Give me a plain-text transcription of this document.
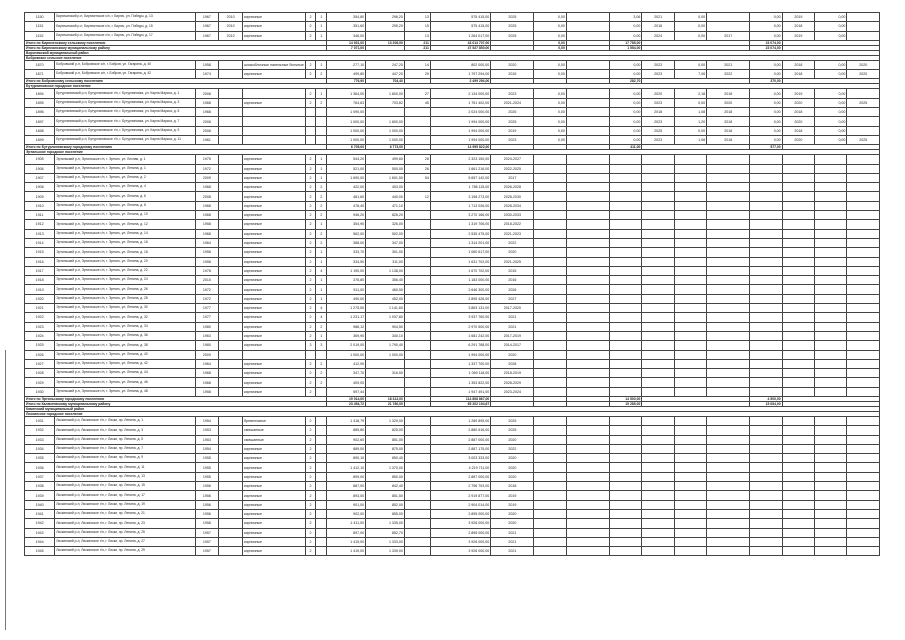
1150	Бирючанский р-н, Бирюченское с/п, г. Бирюч, ул. Победы, д. 13	1967	2010	кирпичные	2	1	354,80	296,20	13	575 415,00	2025	0,00		3,06	2021	0,00		0,00	2019	0,00	
1151	Бирючанский р-н, Бирюченское с/п, г. Бирюч, ул. Победы, д. 15	1967	2010	кирпичные	2	1	351,60	295,20	15	575 415,00	2025	0,00		0,00	2018	0,00		0,00	2018	0,00	
1152	Бирючанский р-н, Бирюченское с/п, г. Бирюч, ул. Победы, д. 17	1967	2010	кирпичные	2	1	346,00		13	1 264 017,00	2025	0,00		0,00	2024	0,00	2017	0,00	2019	0,00	
Итого по Бирюченскому сельскому поселению							14 931,00	13 206,00	211	43 013 707,00		0,00		17 785,00				23 074,00			
Итого по Бирючанскому муниципальному району							7 071,00		211	47 527 850,00		0,00		1 554,00				23 074,00			
Воронежский муниципальный район																					
Бобровское сельское поселение																					
1870	Бобровский р-н, Бобровское с/п, г. Бобров, ул. Гагарина, д. 40	1958		шлакоблочные панельные блочные	2	1	277,10	247,20	14	802 000,00	2020	0,00		0,00	2023	0,00	2021	0,00	2018	0,00	2020
1871	Бобровский р-н, Бобровское с/п, г. Бобров, ул. Гагарина, д. 42	1974		кирпичные	2	2	499,80	447,20	29	1 797 294,00	2015	0,00		0,00	2023	7,06	2022	0,00	2018	0,00	2020
Итого по Бобровскому сельскому поселению							776,90	704,40		2 499 294,00				282,70				370,00			
Бутурлиновское городское поселение																					
1894	Бутурлиновский р-н, Бутурлиновское г/п, г. Бутурлиновка, ул. Карла Маркса, д. 1	2008			2	1	1 364,00	1 800,00	27	2 134 000,00	2023	0,00		0,00	2020	2,18	2018	0,00	2019	0,00	
1895	Бутурлиновский р-н, Бутурлиновское г/п, г. Бутурлиновка, ул. Карла Маркса, д. 3	1968		кирпичные	2	2	764,83	703,82	45	1 751 402,00	2021-2024	0,00		0,00	2023	0,00	2020	0,00	2020	0,00	2025
1896	Бутурлиновский р-н, Бутурлиновское г/п, г. Бутурлиновка, ул. Карла Маркса, д. 5	1968					1 090,00			2 024 000,00	2025	0,00		0,00	2018	1,08	2018	0,00	2018	0,00	
1897	Бутурлиновский р-н, Бутурлиновское г/п, г. Бутурлиновка, ул. Карла Маркса, д. 7	2008					1 000,00	1 800,00		1 994 000,00	2025	0,00		0,00	2023	1,20	2018	0,00	2020	0,00	
1898	Бутурлиновский р-н, Бутурлиновское г/п, г. Бутурлиновка, ул. Карла Маркса, д. 9	2008					1 000,00	1 000,00		1 994 000,00	2019	0,00		0,00	2025	0,00	2018	0,00	2018	0,00	
1899	Бутурлиновский р-н, Бутурлиновское г/п, г. Бутурлиновка, ул. Карла Маркса, д. 11	1961					1 000,00	1 000,00		1 994 000,00	2023	0,00		0,00	2023	1,08	2018	0,00	2020	0,00	2025
Итого по Бутурлиновскому городскому поселению							6 705,00	6 773,00		14 995 822,00				411,00				577,00			
Эртильское городское поселение																					
1905	Эртильский р-н, Эртильское г/п, г. Эртиль, ул. Лесная, д. 1	1975		кирпичные	2	1	544,20	499,60	28	2 323 150,00	2024-2027										
1906	Эртильский р-н, Эртильское г/п, г. Эртиль, ул. Ленина, д. 1	1972		кирпичные	2	1	521,00	500,00	26	1 661 216,00	2022-2025										
1907	Эртильский р-н, Эртильское г/п, г. Эртиль, ул. Ленина, д. 2	2009		кирпичные	2	1	1 690,00	1 601,50	54	5 657 142,00	2017										
1908	Эртильский р-н, Эртильское г/п, г. Эртиль, ул. Ленина, д. 4	1968		кирпичные	2	2	422,00	403,00		1 786 115,00	2026-2028										
1909	Эртильский р-н, Эртильское г/п, г. Эртиль, ул. Ленина, д. 6	2008		кирпичные	2	2	481,60	440,00	12	3 198 273,00	2028-2030										
1910	Эртильский р-н, Эртильское г/п, г. Эртиль, ул. Ленина, д. 8	1968		кирпичные	2	2	478,40	471,10		1 713 026,00	2028-2034										
1911	Эртильский р-н, Эртильское г/п, г. Эртиль, ул. Ленина, д. 10	1968		кирпичные	2	2	946,20	826,20		3 270 166,00	2030-2033										
1912	Эртильский р-н, Эртильское г/п, г. Эртиль, ул. Ленина, д. 12	1958		кирпичные	2	1	354,90	326,00		1 319 706,00	2018-2022										
1913	Эртильский р-н, Эртильское г/п, г. Эртиль, ул. Ленина, д. 14	1968		кирпичные	2	2	562,00	502,00		2 535 475,00	2021-2023										
1914	Эртильский р-н, Эртильское г/п, г. Эртиль, ул. Ленина, д. 16	1964		кирпичные	2	2	388,00	347,00		1 314 201,00	2022										
1915	Эртильский р-н, Эртильское г/п, г. Эртиль, ул. Ленина, д. 18	1958		кирпичные	2	1	333,70	301,00		1 060 617,00	2020										
1916	Эртильский р-н, Эртильское г/п, г. Эртиль, ул. Ленина, д. 20	1958		кирпичные	2	1	334,50	311,00		1 631 702,00	2021-2025										
1917	Эртильский р-н, Эртильское г/п, г. Эртиль, ул. Ленина, д. 22	1978		кирпичные	2	4	1 190,00	1 138,00		1 670 702,00	2015										
1918	Эртильский р-н, Эртильское г/п, г. Эртиль, ул. Ленина, д. 24	2010		кирпичные	2	1	376,80	356,40		1 183 000,00	2016										
1919	Эртильский р-н, Эртильское г/п, г. Эртиль, ул. Ленина, д. 26	1972		кирпичные	2	1	511,00	460,50		2 646 300,00	2026										
1920	Эртильский р-н, Эртильское г/п, г. Эртиль, ул. Ленина, д. 28	1972		кирпичные	2	1	490,00	452,00		2 895 426,00	2027										
1921	Эртильский р-н, Эртильское г/п, г. Эртиль, ул. Ленина, д. 30	1977		кирпичные	2	4	1 275,50	1 141,60		3 863 131,00	2017-2020										
1922	Эртильский р-н, Эртильское г/п, г. Эртиль, ул. Ленина, д. 32	1977		кирпичные	2	4	1 231,17	1 037,80		3 937 760,00	2021										
1923	Эртильский р-н, Эртильское г/п, г. Эртиль, ул. Ленина, д. 34	1980		кирпичные	2	2	988,12	904,50		2 970 500,00	2021										
1924	Эртильский р-н, Эртильское г/п, г. Эртиль, ул. Ленина, д. 36	1963		кирпичные	2	1	369,90	340,10		1 681 242,00	2017-2019										
1925	Эртильский р-н, Эртильское г/п, г. Эртиль, ул. Ленина, д. 38	1980		кирпичные	3	3	2 019,00	1 790,40		6 291 788,00	2014-2017										
1926	Эртильский р-н, Эртильское г/п, г. Эртиль, ул. Ленина, д. 40	2009					1 000,00	1 000,00		1 994 000,00	2020										
1927	Эртильский р-н, Эртильское г/п, г. Эртиль, ул. Ленина, д. 42	1964		кирпичные	2	2	412,90			1 337 700,00	2028										
1928	Эртильский р-н, Эртильское г/п, г. Эртиль, ул. Ленина, д. 44	1968		кирпичные	2	2	347,70	316,50		1 069 118,00	2018-2019										
1929	Эртильский р-н, Эртильское г/п, г. Эртиль, ул. Ленина, д. 46	1968		кирпичные	2	2	409,00			1 353 822,00	2028-2029										
1930	Эртильский р-н, Эртильское г/п, г. Эртиль, ул. Ленина, д. 48	1958		кирпичные	2		597,44			1 947 491,00	2023-2024										
Итого по Эртильскому городскому поселению							19 014,00	18 312,00		114 808 867,00				14 500,00				4 500,00			
Итого по Калачеевскому муниципальному району							23 454,72	21 780,00		65 202 194,67				15 285,00				15 084,00			
Каменский муниципальный район																					
Лискинское городское поселение																					
1931	Лискинский р-н, Лискинское г/п, г. Лиски, пр. Ленина, д. 1	1954		бревенчатые	2		1 418,79	1 329,00		1 289 895,00	2025										
1932	Лискинский р-н, Лискинское г/п, г. Лиски, пр. Ленина, д. 3	1953		смешанные	2		885,80	825,00		2 880 616,00	2025										
1933	Лискинский р-н, Лискинское г/п, г. Лиски, пр. Ленина, д. 5	1953		смешанные	2		902,60	851,00		2 887 000,00	2020										
1934	Лискинский р-н, Лискинское г/п, г. Лиски, пр. Ленина, д. 7	1954		кирпичные	2		889,00	875,00		2 887 175,00	2022										
1935	Лискинский р-н, Лискинское г/п, г. Лиски, пр. Ленина, д. 9	1955		кирпичные	2		890,10	850,40		3 003 333,00	2020										
1936	Лискинский р-н, Лискинское г/п, г. Лиски, пр. Ленина, д. 11	1955		кирпичные	2		1 412,10	1 370,00		4 219 711,00	2020										
1937	Лискинский р-н, Лискинское г/п, г. Лиски, пр. Ленина, д. 13	1955		кирпичные	2		899,00	850,00		2 887 000,00	2020										
1938	Лискинский р-н, Лискинское г/п, г. Лиски, пр. Ленина, д. 15	1956		кирпичные	2		887,00	842,40		2 796 793,00	2018										
1939	Лискинский р-н, Лискинское г/п, г. Лиски, пр. Ленина, д. 17	1956		кирпичные	2		893,00	851,50		2 919 877,00	2019										
1940	Лискинский р-н, Лискинское г/п, г. Лиски, пр. Ленина, д. 19	1956		кирпичные	2		901,00	852,00		2 904 014,00	2019										
1941	Лискинский р-н, Лискинское г/п, г. Лиски, пр. Ленина, д. 21	1956		кирпичные	2		902,00	855,00		2 895 000,00	2020										
1942	Лискинский р-н, Лискинское г/п, г. Лиски, пр. Ленина, д. 23	1956		кирпичные	2		1 411,00	1 335,00		3 926 000,00	2020										
1943	Лискинский р-н, Лискинское г/п, г. Лиски, пр. Ленина, д. 25	1957		кирпичные	2		897,00	852,70		2 896 000,00	2021										
1944	Лискинский р-н, Лискинское г/п, г. Лиски, пр. Ленина, д. 27	1957		кирпичные	2		1 415,00	1 333,00		3 926 000,00	2021										
1945	Лискинский р-н, Лискинское г/п, г. Лиски, пр. Ленина, д. 29	1957		кирпичные	2		1 419,00	1 339,00		3 926 000,00	2021										
